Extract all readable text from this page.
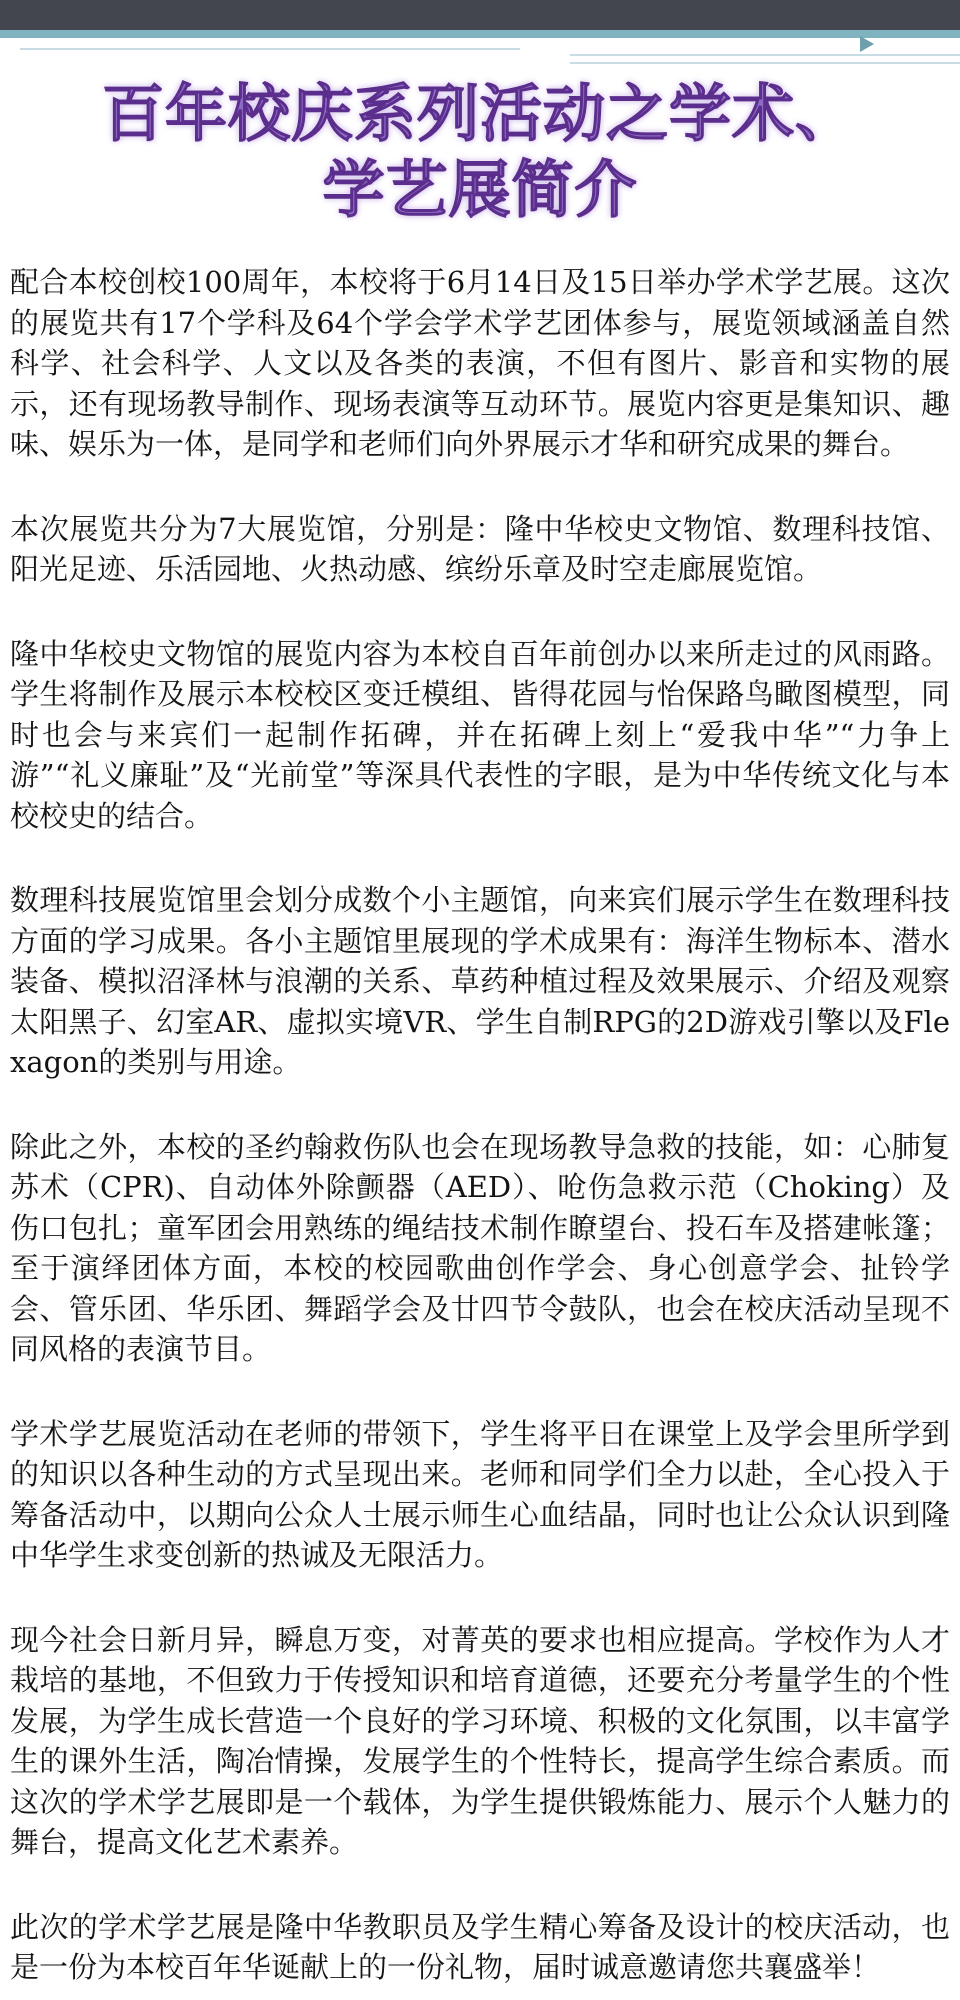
百年校庆系列活动之学术、
学艺展简介

配合本校创校100周年，本校将于6月14日及15日举办学术学艺展。这次的展览共有17个学科及64个学会学术学艺团体参与，展览领域涵盖自然科学、社会科学、人文以及各类的表演，不但有图片、影音和实物的展示，还有现场教导制作、现场表演等互动环节。展览内容更是集知识、趣味、娱乐为一体，是同学和老师们向外界展示才华和研究成果的舞台。

本次展览共分为7大展览馆，分别是：隆中华校史文物馆、数理科技馆、阳光足迹、乐活园地、火热动感、缤纷乐章及时空走廊展览馆。

隆中华校史文物馆的展览内容为本校自百年前创办以来所走过的风雨路。学生将制作及展示本校校区变迁模组、皆得花园与怡保路鸟瞰图模型，同时也会与来宾们一起制作拓碑，并在拓碑上刻上“爱我中华”“力争上游”“礼义廉耻”及“光前堂”等深具代表性的字眼，是为中华传统文化与本校校史的结合。

数理科技展览馆里会划分成数个小主题馆，向来宾们展示学生在数理科技方面的学习成果。各小主题馆里展现的学术成果有：海洋生物标本、潜水装备、模拟沼泽林与浪潮的关系、草药种植过程及效果展示、介绍及观察太阳黑子、幻室AR、虚拟实境VR、学生自制RPG的2D游戏引擎以及Flexagon的类别与用途。

除此之外，本校的圣约翰救伤队也会在现场教导急救的技能，如：心肺复苏术（CPR)、自动体外除颤器（AED）、呛伤急救示范（Choking）及伤口包扎；童军团会用熟练的绳结技术制作瞭望台、投石车及搭建帐篷；至于演绎团体方面，本校的校园歌曲创作学会、身心创意学会、扯铃学会、管乐团、华乐团、舞蹈学会及廿四节令鼓队，也会在校庆活动呈现不同风格的表演节目。

学术学艺展览活动在老师的带领下，学生将平日在课堂上及学会里所学到的知识以各种生动的方式呈现出来。老师和同学们全力以赴，全心投入于筹备活动中，以期向公众人士展示师生心血结晶，同时也让公众认识到隆中华学生求变创新的热诚及无限活力。

现今社会日新月异，瞬息万变，对菁英的要求也相应提高。学校作为人才栽培的基地，不但致力于传授知识和培育道德，还要充分考量学生的个性发展，为学生成长营造一个良好的学习环境、积极的文化氛围，以丰富学生的课外生活，陶冶情操，发展学生的个性特长，提高学生综合素质。而这次的学术学艺展即是一个载体，为学生提供锻炼能力、展示个人魅力的舞台，提高文化艺术素养。

此次的学术学艺展是隆中华教职员及学生精心筹备及设计的校庆活动，也是一份为本校百年华诞献上的一份礼物，届时诚意邀请您共襄盛举！
